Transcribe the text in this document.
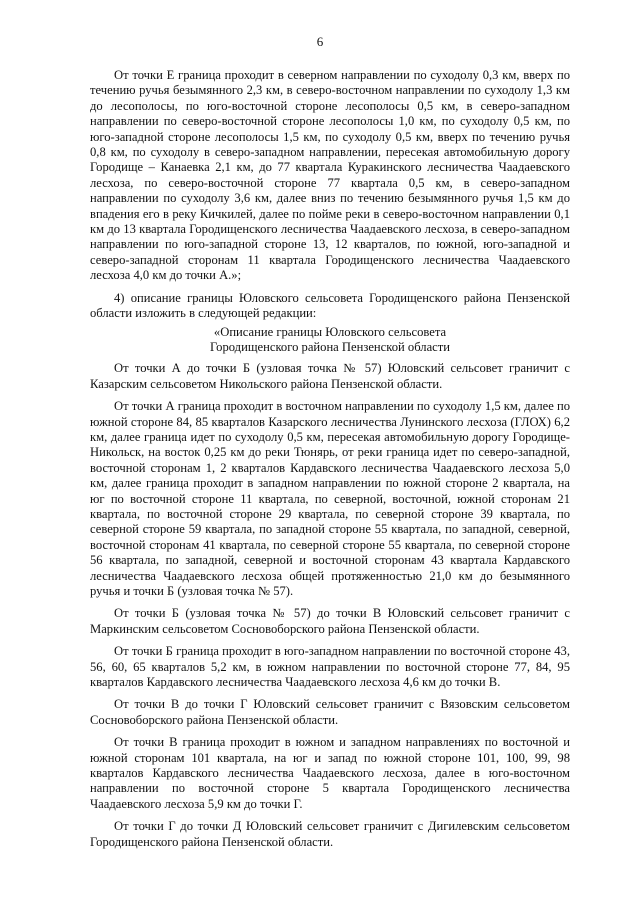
6

От точки Е граница проходит в северном направлении по суходолу 0,3 км, вверх по течению ручья безымянного 2,3 км, в северо-восточном направлении по суходолу 1,3 км до лесополосы, по юго-восточной стороне лесополосы 0,5 км, в северо-западном направлении по северо-восточной стороне лесополосы 1,0 км, по суходолу 0,5 км, по юго-западной стороне лесополосы 1,5 км, по суходолу 0,5 км, вверх по течению ручья 0,8 км, по суходолу в северо-западном направлении, пересекая автомобильную дорогу Городище – Канаевка 2,1 км, до 77 квартала Куракинского лесничества Чаадаевского лесхоза, по северо-восточной стороне 77 квартала 0,5 км, в северо-западном направлении по суходолу 3,6 км, далее вниз по течению безымянного ручья 1,5 км до впадения его в реку Кичкилей, далее по пойме реки в северо-восточном направлении 0,1 км до 13 квартала Городищенского лесничества Чаадаевского лесхоза, в северо-западном направлении по юго-западной стороне 13, 12 кварталов, по южной, юго-западной и северо-западной сторонам 11 квартала Городищенского лесничества Чаадаевского лесхоза 4,0 км до точки А.»;

4) описание границы Юловского сельсовета Городищенского района Пензенской области изложить в следующей редакции:

«Описание границы Юловского сельсовета
Городищенского района Пензенской области

От точки А до точки Б (узловая точка № 57) Юловский сельсовет граничит с Казарским сельсоветом Никольского района Пензенской области.

От точки А граница проходит в восточном направлении по суходолу 1,5 км, далее по южной стороне 84, 85 кварталов Казарского лесничества Лунинского лесхоза (ГЛОХ) 6,2 км, далее граница идет по суходолу 0,5 км, пересекая автомобильную дорогу Городище-Никольск, на восток 0,25 км до реки Тюнярь, от реки граница идет по северо-западной, восточной сторонам 1, 2 кварталов Кардавского лесничества Чаадаевского лесхоза 5,0 км, далее граница проходит в западном направлении по южной стороне 2 квартала, на юг по восточной стороне 11 квартала, по северной, восточной, южной сторонам 21 квартала, по восточной стороне 29 квартала, по северной стороне 39 квартала, по северной стороне 59 квартала, по западной стороне 55 квартала, по западной, северной, восточной сторонам 41 квартала, по северной стороне 55 квартала, по северной стороне 56 квартала, по западной, северной и восточной сторонам 43 квартала Кардавского лесничества Чаадаевского лесхоза общей протяженностью 21,0 км до безымянного ручья и точки Б (узловая точка № 57).

От точки Б (узловая точка № 57) до точки В Юловский сельсовет граничит с Маркинским сельсоветом Сосновоборского района Пензенской области.

От точки Б граница проходит в юго-западном направлении по восточной стороне 43, 56, 60, 65 кварталов 5,2 км, в южном направлении по восточной стороне 77, 84, 95 кварталов Кардавского лесничества Чаадаевского лесхоза 4,6 км до точки В.

От точки В до точки Г Юловский сельсовет граничит с Вязовским сельсоветом Сосновоборского района Пензенской области.

От точки В граница проходит в южном и западном направлениях по восточной и южной сторонам 101 квартала, на юг и запад по южной стороне 101, 100, 99, 98 кварталов Кардавского лесничества Чаадаевского лесхоза, далее в юго-восточном направлении по восточной стороне 5 квартала Городищенского лесничества Чаадаевского лесхоза 5,9 км до точки Г.

От точки Г до точки Д Юловский сельсовет граничит с Дигилевским сельсоветом Городищенского района Пензенской области.
